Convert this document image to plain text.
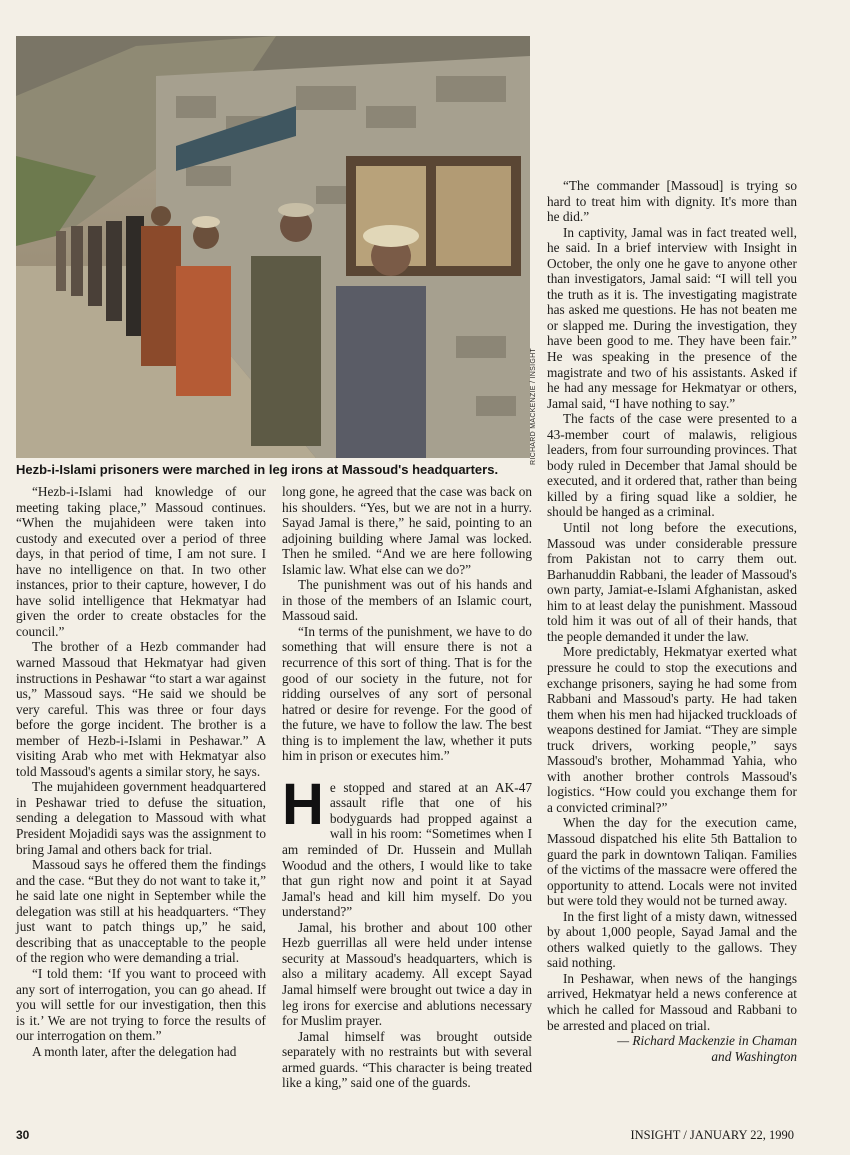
RICHARD MACKENZIE / INSIGHT
Hezb-i-Islami prisoners were marched in leg irons at Massoud's headquarters.

“Hezb-i-Islami had knowledge of our meeting taking place,” Massoud continues. “When the mujahideen were taken into custody and executed over a period of three days, in that period of time, I am not sure. I have no intelligence on that. In two other instances, prior to their capture, however, I do have solid intelligence that Hekmatyar had given the order to create obstacles for the council.”

The brother of a Hezb commander had warned Massoud that Hekmatyar had given instructions in Peshawar “to start a war against us,” Massoud says. “He said we should be very careful. This was three or four days before the gorge incident. The brother is a member of Hezb-i-Islami in Peshawar.” A visiting Arab who met with Hekmatyar also told Massoud's agents a similar story, he says.

The mujahideen government headquartered in Peshawar tried to defuse the situation, sending a delegation to Massoud with what President Mojadidi says was the assignment to bring Jamal and others back for trial.

Massoud says he offered them the findings and the case. “But they do not want to take it,” he said late one night in September while the delegation was still at his headquarters. “They just want to patch things up,” he said, describing that as unacceptable to the people of the region who were demanding a trial.

“I told them: ‘If you want to proceed with any sort of interrogation, you can go ahead. If you will settle for our investigation, then this is it.’ We are not trying to force the results of our interrogation on them.”

A month later, after the delegation had

long gone, he agreed that the case was back on his shoulders. “Yes, but we are not in a hurry. Sayad Jamal is there,” he said, pointing to an adjoining building where Jamal was locked. Then he smiled. “And we are here following Islamic law. What else can we do?”

The punishment was out of his hands and in those of the members of an Islamic court, Massoud said.

“In terms of the punishment, we have to do something that will ensure there is not a recurrence of this sort of thing. That is for the good of our society in the future, not for ridding ourselves of any sort of personal hatred or desire for revenge. For the good of the future, we have to follow the law. The best thing is to implement the law, whether it puts him in prison or executes him.”

He stopped and stared at an AK-47 assault rifle that one of his bodyguards had propped against a wall in his room: “Sometimes when I am reminded of Dr. Hussein and Mullah Woodud and the others, I would like to take that gun right now and point it at Sayad Jamal's head and kill him myself. Do you understand?”

Jamal, his brother and about 100 other Hezb guerrillas all were held under intense security at Massoud's headquarters, which is also a military academy. All except Sayad Jamal himself were brought out twice a day in leg irons for exercise and ablutions necessary for Muslim prayer.

Jamal himself was brought outside separately with no restraints but with several armed guards. “This character is being treated like a king,” said one of the guards.

“The commander [Massoud] is trying so hard to treat him with dignity. It's more than he did.”

In captivity, Jamal was in fact treated well, he said. In a brief interview with Insight in October, the only one he gave to anyone other than investigators, Jamal said: “I will tell you the truth as it is. The investigating magistrate has asked me questions. He has not beaten me or slapped me. During the investigation, they have been good to me. They have been fair.” He was speaking in the presence of the magistrate and two of his assistants. Asked if he had any message for Hekmatyar or others, Jamal said, “I have nothing to say.”

The facts of the case were presented to a 43-member court of malawis, religious leaders, from four surrounding provinces. That body ruled in December that Jamal should be executed, and it ordered that, rather than being killed by a firing squad like a soldier, he should be hanged as a criminal.

Until not long before the executions, Massoud was under considerable pressure from Pakistan not to carry them out. Barhanuddin Rabbani, the leader of Massoud's own party, Jamiat-e-Islami Afghanistan, asked him to at least delay the punishment. Massoud told him it was out of all of their hands, that the people demanded it under the law.

More predictably, Hekmatyar exerted what pressure he could to stop the executions and exchange prisoners, saying he had some from Rabbani and Massoud's party. He had taken them when his men had hijacked truckloads of weapons destined for Jamiat. “They are simple truck drivers, working people,” says Massoud's brother, Mohammad Yahia, who with another brother controls Massoud's logistics. “How could you exchange them for a convicted criminal?”

When the day for the execution came, Massoud dispatched his elite 5th Battalion to guard the park in downtown Taliqan. Families of the victims of the massacre were offered the opportunity to attend. Locals were not invited but were told they would not be turned away.

In the first light of a misty dawn, witnessed by about 1,000 people, Sayad Jamal and the others walked quietly to the gallows. They said nothing.

In Peshawar, when news of the hangings arrived, Hekmatyar held a news conference at which he called for Massoud and Rabbani to be arrested and placed on trial.

— Richard Mackenzie in Chaman

and Washington

30	INSIGHT / JANUARY 22, 1990
